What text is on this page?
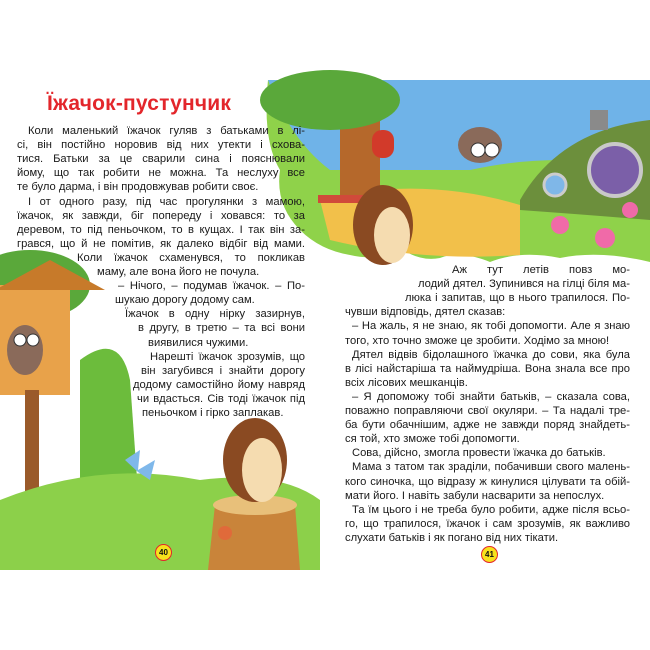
Їжачок-пустунчик
Коли маленький їжачок гуляв з батьками в лі-
сі, він постійно норовив від них утекти і схова-
тися. Батьки за це сварили сина і пояснювали
йому, що так робити не можна. Та неслуху все
те було дарма, і він продовжував робити своє.
І от одного разу, під час прогулянки з мамою,
їжачок, як завжди, біг попереду і ховався: то за
деревом, то під пеньочком, то в кущах. І так він за-
грався, що й не помітив, як далеко відбіг від мами.
Коли їжачок схаменувся, то покликав
маму, але вона його не почула.
– Нічого, – подумав їжачок. – По-
шукаю дорогу додому сам.
Їжачок в одну нірку зазирнув,
в другу, в третю – та всі вони
виявилися чужими.
Нарешті їжачок зрозумів, що
він загубився і знайти дорогу
додому самостійно йому навряд
чи вдасться. Сів тоді їжачок під
пеньочком і гірко заплакав.
Аж тут летів повз мо-
лодий дятел. Зупинився на гілці біля ма-
люка і запитав, що в нього трапилося. По-
чувши відповідь, дятел сказав:
– На жаль, я не знаю, як тобі допомогти. Але я знаю
того, хто точно зможе це зробити. Ходімо за мною!
Дятел відвів бідолашного їжачка до сови, яка була
в лісі найстаріша та наймудріша. Вона знала все про
всіх лісових мешканців.
– Я допоможу тобі знайти батьків, – сказала сова,
поважно поправляючи свої окуляри. – Та надалі тре-
ба бути обачнішим, адже не завжди поряд знайдеть-
ся той, хто зможе тобі допомогти.
Сова, дійсно, змогла провести їжачка до батьків.
Мама з татом так зраділи, побачивши свого малень-
кого синочка, що відразу ж кинулися цілувати та обій-
мати його. І навіть забули насварити за непослух.
Та їм цього і не треба було робити, адже після всьо-
го, що трапилося, їжачок і сам зрозумів, як важливо
слухати батьків і як погано від них тікати.
40	41
